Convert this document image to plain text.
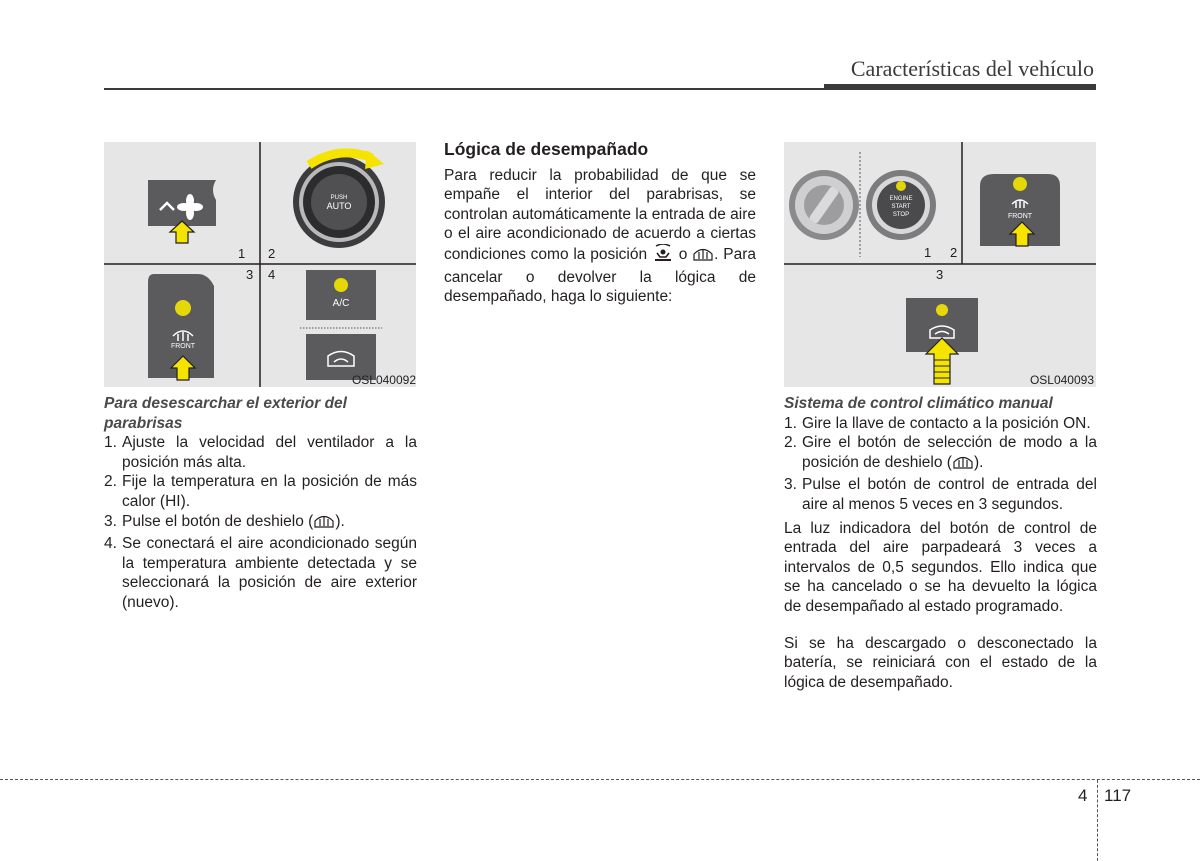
Características del vehículo
PUSH
AUTO
1 2
3 4
FRONT
A/C
OSL040092
ENGINE
START
STOP	FRONT
1 2
3
OSL040093

Para desescarchar el exterior del parabrisas

1. Ajuste la velocidad del ventilador a la posición más alta.
2. Fije la temperatura en la posición de más calor (HI).
3. Pulse el botón de deshielo ( ).
4. Se conectará el aire acondicionado según la temperatura ambiente detectada y se seleccionará la posición de aire exterior (nuevo).

Lógica de desempañado

Para reducir la probabilidad de que se empañe el interior del parabrisas, se controlan automáticamente la entrada de aire o el aire acondicionado de acuerdo a ciertas condiciones como la posición o . Para cancelar o devolver la lógica de desempañado, haga lo siguiente:

Sistema de control climático manual

1. Gire la llave de contacto a la posición ON.
2. Gire el botón de selección de modo a la posición de deshielo ( ).
3. Pulse el botón de control de entrada del aire al menos 5 veces en 3 segundos.

La luz indicadora del botón de control de entrada del aire parpadeará 3 veces a intervalos de 0,5 segundos. Ello indica que se ha cancelado o se ha devuelto la lógica de desempañado al estado programado.

Si se ha descargado o desconectado la batería, se reiniciará con el estado de la lógica de desempañado.

4 117
